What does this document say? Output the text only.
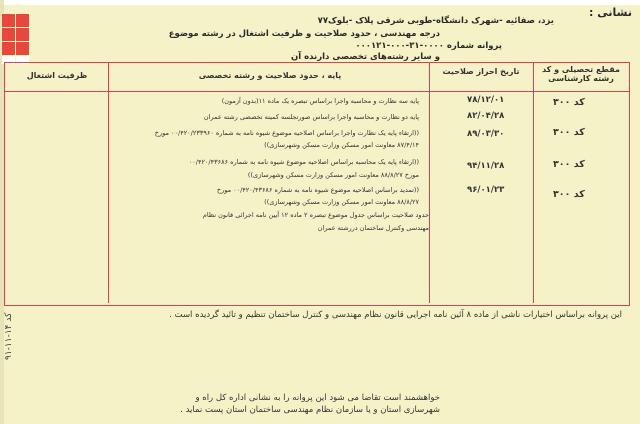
نشانی :
یزد، صفائیه -شهرک دانشگاه-طوبی شرقی پلاک -بلوک۷۷
درجه مهندسی ، حدود صلاحیت و ظرفیت اشتغال در رشته موضوع
پروانه شماره ۰۰۰۰-۳۱-۰۰۰-۰۰۰۱۲۱
و سایر رشته‌های تخصصی دارنده آن
مقطع تحصیلی و کد رشته کارشناسی
تاریخ احراز صلاحیت
پایه ، حدود صلاحیت و رشته تخصصی
ظرفیت اشتغال
کد ۳۰۰
۷۸/۱۲/۰۱
۸۲/۰۴/۲۸
پایه سه نظارت و محاسبه واجرا براساس تبصره یک ماده ۱۱(بدون آزمون)
پایه دو نظارت و محاسبه واجرا براساس صورتجلسه کمیته تخصصی رشته عمران
کد ۳۰۰
۸۹/۰۳/۳۰
((ارتقاء پایه یک نظارت واجرا براساس اصلاحیه موضوع شیوه نامه به شماره ۰۰/۴۲۰/۲۳۳۹۶۰ مورخ
۸۷/۴/۱۴ معاونت امور مسکن وزارت مسکن وشهرسازی))
کد ۳۰۰
۹۴/۱۱/۲۸
((ارتقاء پایه یک محاسبه براساس اصلاحیه موضوع شیوه نامه به شماره ۰۰/۴۲۰/۴۳۶۸۶
مورخ ۸۸/۸/۲۷ معاونت امور مسکن وزارت مسکن وشهرسازی))
کد ۳۰۰
۹۶/۰۱/۲۳
((تمدید براساس اصلاحیه موضوع شیوه نامه به شماره ۰۰/۴۲۰/۴۳۶۸۶ مورخ
۸۸/۸/۲۷ معاونت امور مسکن وزارت مسکن وشهرسازی))
حدود صلاحیت براساس جدول موضوع تبصره ۲ ماده ۱۲ آیین نامه اجرائی قانون نظام
مهندسی وکنترل ساختمان دررشته عمران
این پروانه براساس اختیارات ناشی از ماده ۸ آئین نامه اجرایی قانون نظام مهندسی و کنترل ساختمان تنظیم و تائید گردیده است .
خواهشمند است تقاضا می شود این پروانه را به نشانی اداره کل راه و
شهرسازی استان و یا سازمان نظام مهندسی ساختمان استان پست نماید .
۹۱-۱۱-۱۴ کد
